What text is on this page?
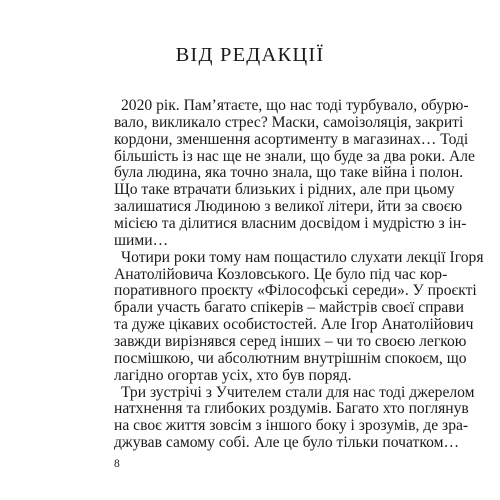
ВІД РЕДАКЦІЇ
2020 рік. Пам’ятаєте, що нас тоді турбувало, обурю-
вало, викликало стрес? Маски, самоізоляція, закриті
кордони, зменшення асортименту в магазинах… Тоді
більшість із нас ще не знали, що буде за два роки. Але
була людина, яка точно знала, що таке війна і полон.
Що таке втрачати близьких і рідних, але при цьому
залишатися Людиною з великої літери, йти за своєю
місією та ділитися власним досвідом і мудрістю з ін-
шими…
Чотири роки тому нам пощастило слухати лекції Ігоря
Анатолійовича Козловського. Це було під час кор-
поративного проєкту «Філософські середи». У проєкті
брали участь багато спікерів – майстрів своєї справи
та дуже цікавих особистостей. Але Ігор Анатолійович
завжди вирізнявся серед інших – чи то своєю легкою
посмішкою, чи абсолютним внутрішнім спокоєм, що
лагідно огортав усіх, хто був поряд.
Три зустрічі з Учителем стали для нас тоді джерелом
натхнення та глибоких роздумів. Багато хто поглянув
на своє життя зовсім з іншого боку і зрозумів, де зра-
джував самому собі. Але це було тільки початком…
8
